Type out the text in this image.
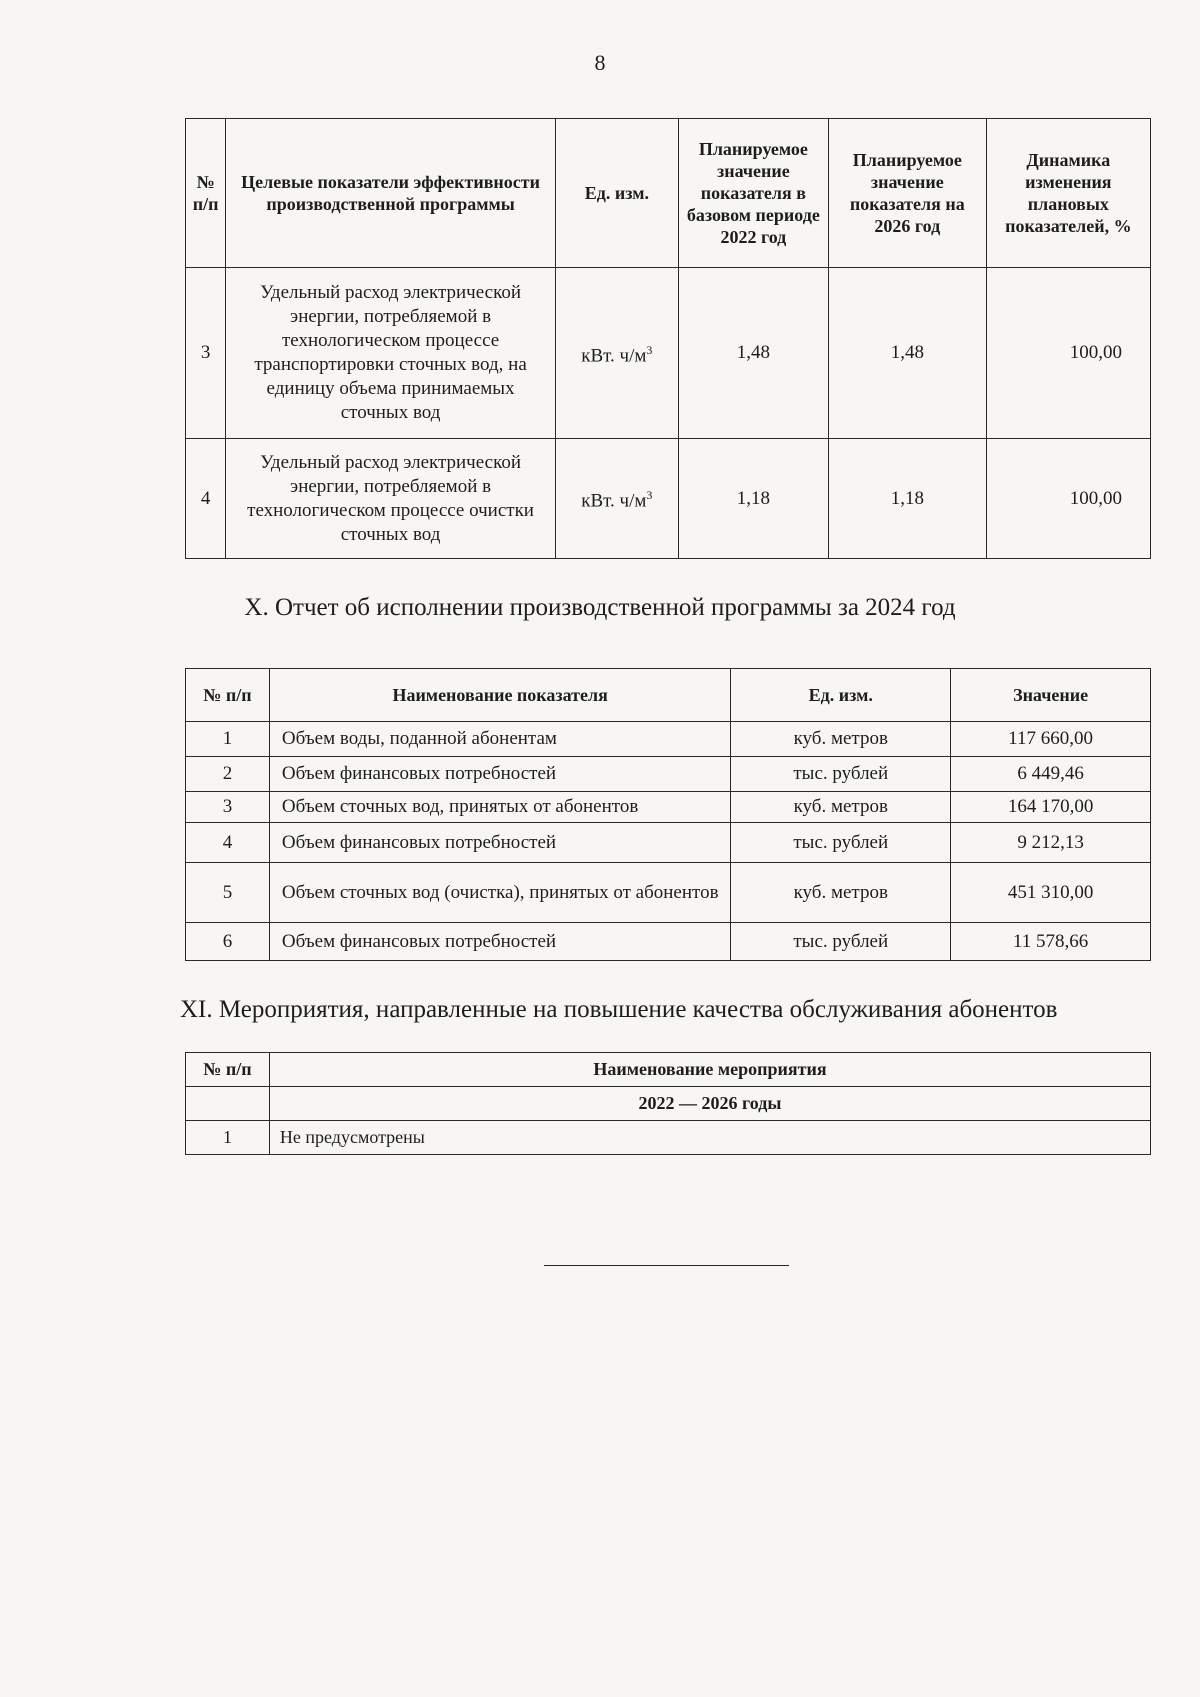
8
№ п/п	Целевые показатели эффективности производственной программы	Ед. изм.	Планируемое значение показателя в базовом периоде 2022 год	Планируемое значение показателя на 2026 год	Динамика изменения плановых показателей, %
3	Удельный расход электрической энергии, потребляемой в технологическом процессе транспортировки сточных вод, на единицу объема принимаемых сточных вод	кВт. $ч/м^3$	1,48	1,48	100,00
4	Удельный расход электрической энергии, потребляемой в технологическом процессе очистки сточных вод	кВт. $ч/м^3$	1,18	1,18	100,00
X. Отчет об исполнении производственной программы за 2024 год
№ п/п	Наименование показателя	Ед. изм.	Значение
1	Объем воды, поданной абонентам	куб. метров	117 660,00
2	Объем финансовых потребностей	тыс. рублей	6 449,46
3	Объем сточных вод, принятых от абонентов	куб. метров	164 170,00
4	Объем финансовых потребностей	тыс. рублей	9 212,13
5	Объем сточных вод (очистка), принятых от абонентов	куб. метров	451 310,00
6	Объем финансовых потребностей	тыс. рублей	11 578,66
XI. Мероприятия, направленные на повышение качества обслуживания абонентов
№ п/п	Наименование мероприятия
	2022 — 2026 годы
1	Не предусмотрены
